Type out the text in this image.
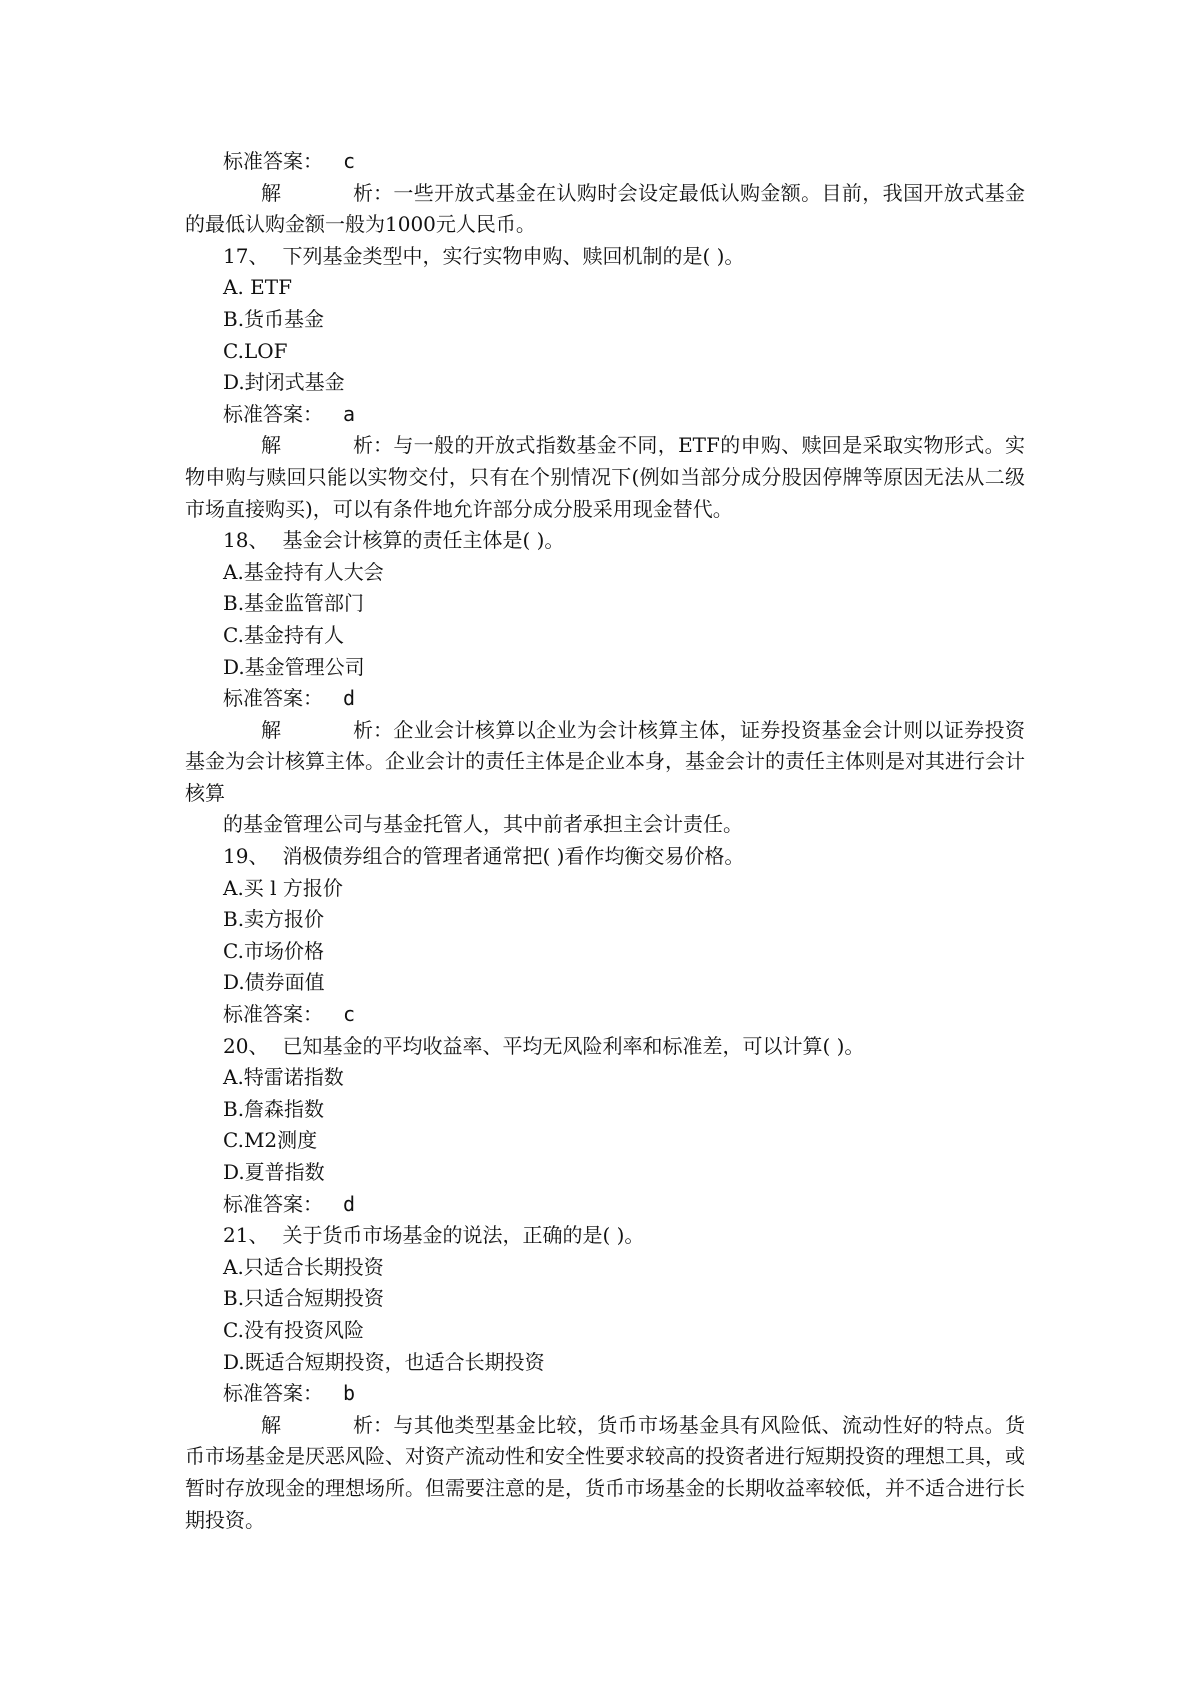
标准答案： c
解	析：一些开放式基金在认购时会设定最低认购金额。目前，我国开放式基金的最低认购金额一般为1000元人民币。
17、 下列基金类型中，实行实物申购、赎回机制的是( )。
A. ETF
B.货币基金
C.LOF
D.封闭式基金
标准答案： a
解	析：与一般的开放式指数基金不同，ETF的申购、赎回是采取实物形式。实物申购与赎回只能以实物交付，只有在个别情况下(例如当部分成分股因停牌等原因无法从二级市场直接购买)，可以有条件地允许部分成分股采用现金替代。
18、 基金会计核算的责任主体是( )。
A.基金持有人大会
B.基金监管部门
C.基金持有人
D.基金管理公司
标准答案： d
解	析：企业会计核算以企业为会计核算主体，证券投资基金会计则以证券投资基金为会计核算主体。企业会计的责任主体是企业本身，基金会计的责任主体则是对其进行会计核算
的基金管理公司与基金托管人，其中前者承担主会计责任。
19、 消极债券组合的管理者通常把( )看作均衡交易价格。
A.买 l 方报价
B.卖方报价
C.市场价格
D.债券面值
标准答案： c
20、 已知基金的平均收益率、平均无风险利率和标准差，可以计算( )。
A.特雷诺指数
B.詹森指数
C.M2测度
D.夏普指数
标准答案： d
21、 关于货币市场基金的说法，正确的是( )。
A.只适合长期投资
B.只适合短期投资
C.没有投资风险
D.既适合短期投资，也适合长期投资
标准答案： b
解	析：与其他类型基金比较，货币市场基金具有风险低、流动性好的特点。货币市场基金是厌恶风险、对资产流动性和安全性要求较高的投资者进行短期投资的理想工具，或暂时存放现金的理想场所。但需要注意的是，货币市场基金的长期收益率较低，并不适合进行长期投资。
